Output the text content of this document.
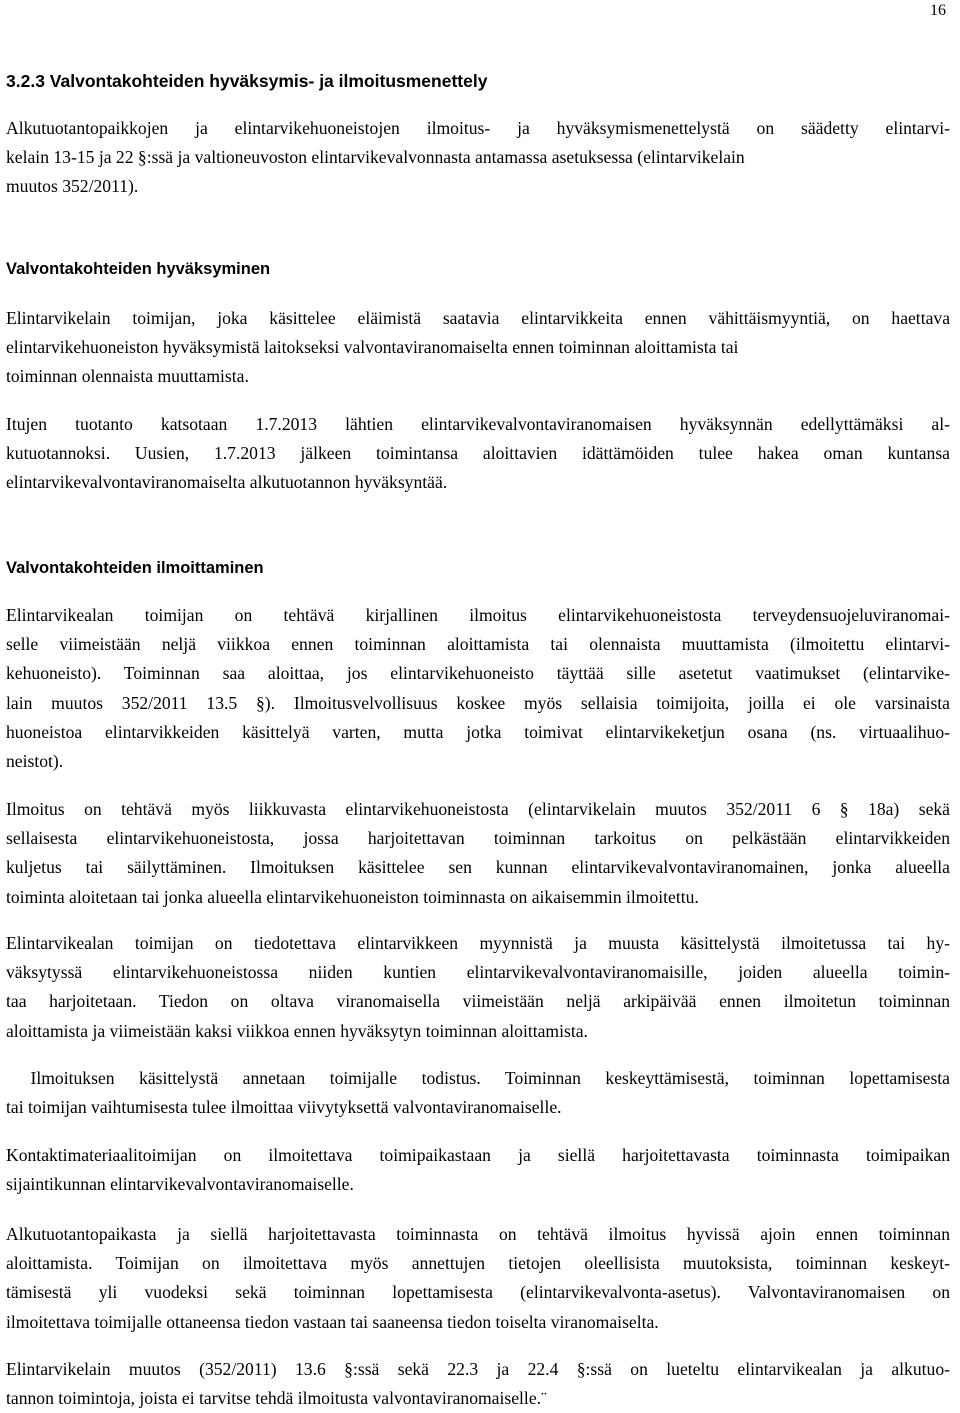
16
3.2.3 Valvontakohteiden hyväksymis- ja ilmoitusmenettely

Alkutuotantopaikkojen ja elintarvikehuoneistojen ilmoitus- ja hyväksymismenettelystä on säädetty elintarvi-
kelain 13-15 ja 22 §:ssä ja valtioneuvoston elintarvikevalvonnasta antamassa asetuksessa (elintarvikelain
muutos 352/2011).

Valvontakohteiden hyväksyminen

Elintarvikelain toimijan, joka käsittelee eläimistä saatavia elintarvikkeita ennen vähittäismyyntiä, on haettava
elintarvikehuoneiston hyväksymistä laitokseksi valvontaviranomaiselta ennen toiminnan aloittamista tai
toiminnan olennaista muuttamista.

Itujen tuotanto katsotaan 1.7.2013 lähtien elintarvikevalvontaviranomaisen hyväksynnän edellyttämäksi al-
kutuotannoksi. Uusien, 1.7.2013 jälkeen toimintansa aloittavien idättämöiden tulee hakea oman kuntansa
elintarvikevalvontaviranomaiselta alkutuotannon hyväksyntää.

Valvontakohteiden ilmoittaminen

Elintarvikealan toimijan on tehtävä kirjallinen ilmoitus elintarvikehuoneistosta terveydensuojeluviranomai-
selle viimeistään neljä viikkoa ennen toiminnan aloittamista tai olennaista muuttamista (ilmoitettu elintarvi-
kehuoneisto). Toiminnan saa aloittaa, jos elintarvikehuoneisto täyttää sille asetetut vaatimukset (elintarvike-
lain muutos 352/2011 13.5 §). Ilmoitusvelvollisuus koskee myös sellaisia toimijoita, joilla ei ole varsinaista
huoneistoa elintarvikkeiden käsittelyä varten, mutta jotka toimivat elintarvikeketjun osana (ns. virtuaalihuo-
neistot).

Ilmoitus on tehtävä myös liikkuvasta elintarvikehuoneistosta (elintarvikelain muutos 352/2011 6 § 18a) sekä
sellaisesta elintarvikehuoneistosta, jossa harjoitettavan toiminnan tarkoitus on pelkästään elintarvikkeiden
kuljetus tai säilyttäminen. Ilmoituksen käsittelee sen kunnan elintarvikevalvontaviranomainen, jonka alueella
toiminta aloitetaan tai jonka alueella elintarvikehuoneiston toiminnasta on aikaisemmin ilmoitettu.

Elintarvikealan toimijan on tiedotettava elintarvikkeen myynnistä ja muusta käsittelystä ilmoitetussa tai hy-
väksytyssä elintarvikehuoneistossa niiden kuntien elintarvikevalvontaviranomaisille, joiden alueella toimin-
taa harjoitetaan. Tiedon on oltava viranomaisella viimeistään neljä arkipäivää ennen ilmoitetun toiminnan
aloittamista ja viimeistään kaksi viikkoa ennen hyväksytyn toiminnan aloittamista.

Ilmoituksen käsittelystä annetaan toimijalle todistus. Toiminnan keskeyttämisestä, toiminnan lopettamisesta
tai toimijan vaihtumisesta tulee ilmoittaa viivytyksettä valvontaviranomaiselle.

Kontaktimateriaalitoimijan on ilmoitettava toimipaikastaan ja siellä harjoitettavasta toiminnasta toimipaikan
sijaintikunnan elintarvikevalvontaviranomaiselle.

Alkutuotantopaikasta ja siellä harjoitettavasta toiminnasta on tehtävä ilmoitus hyvissä ajoin ennen toiminnan
aloittamista. Toimijan on ilmoitettava myös annettujen tietojen oleellisista muutoksista, toiminnan keskeyt-
tämisestä yli vuodeksi sekä toiminnan lopettamisesta (elintarvikevalvonta-asetus). Valvontaviranomaisen on
ilmoitettava toimijalle ottaneensa tiedon vastaan tai saaneensa tiedon toiselta viranomaiselta.

Elintarvikelain muutos (352/2011) 13.6 §:ssä sekä 22.3 ja 22.4 §:ssä on lueteltu elintarvikealan ja alkutuo-
tannon toimintoja, joista ei tarvitse tehdä ilmoitusta valvontaviranomaiselle.¨
